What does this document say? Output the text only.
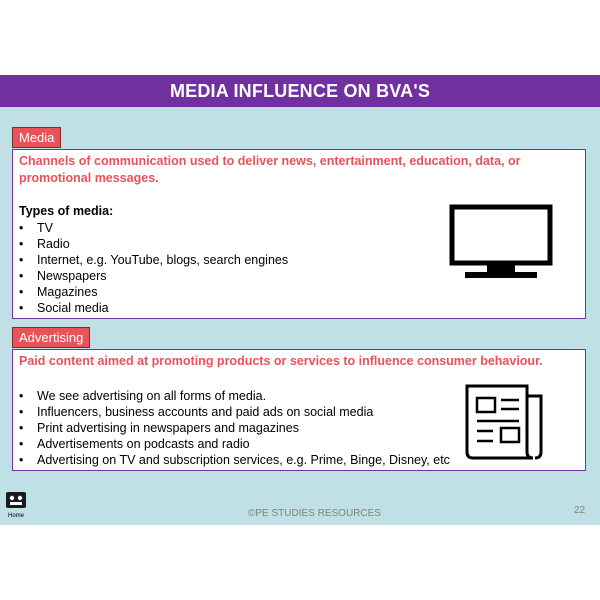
MEDIA INFLUENCE ON BVA'S
Media
Channels of communication used to deliver news, entertainment, education, data, or promotional messages.
Types of media:
• TV
• Radio
• Internet, e.g. YouTube, blogs, search engines
• Newspapers
• Magazines
• Social media
Advertising
Paid content aimed at promoting products or services to influence consumer behaviour.
• We see advertising on all forms of media.
• Influencers, business accounts and paid ads on social media
• Print advertising in newspapers and magazines
• Advertisements on podcasts and radio
• Advertising on TV and subscription services, e.g. Prime, Binge, Disney, etc
Home	©PE STUDIES RESOURCES	22
